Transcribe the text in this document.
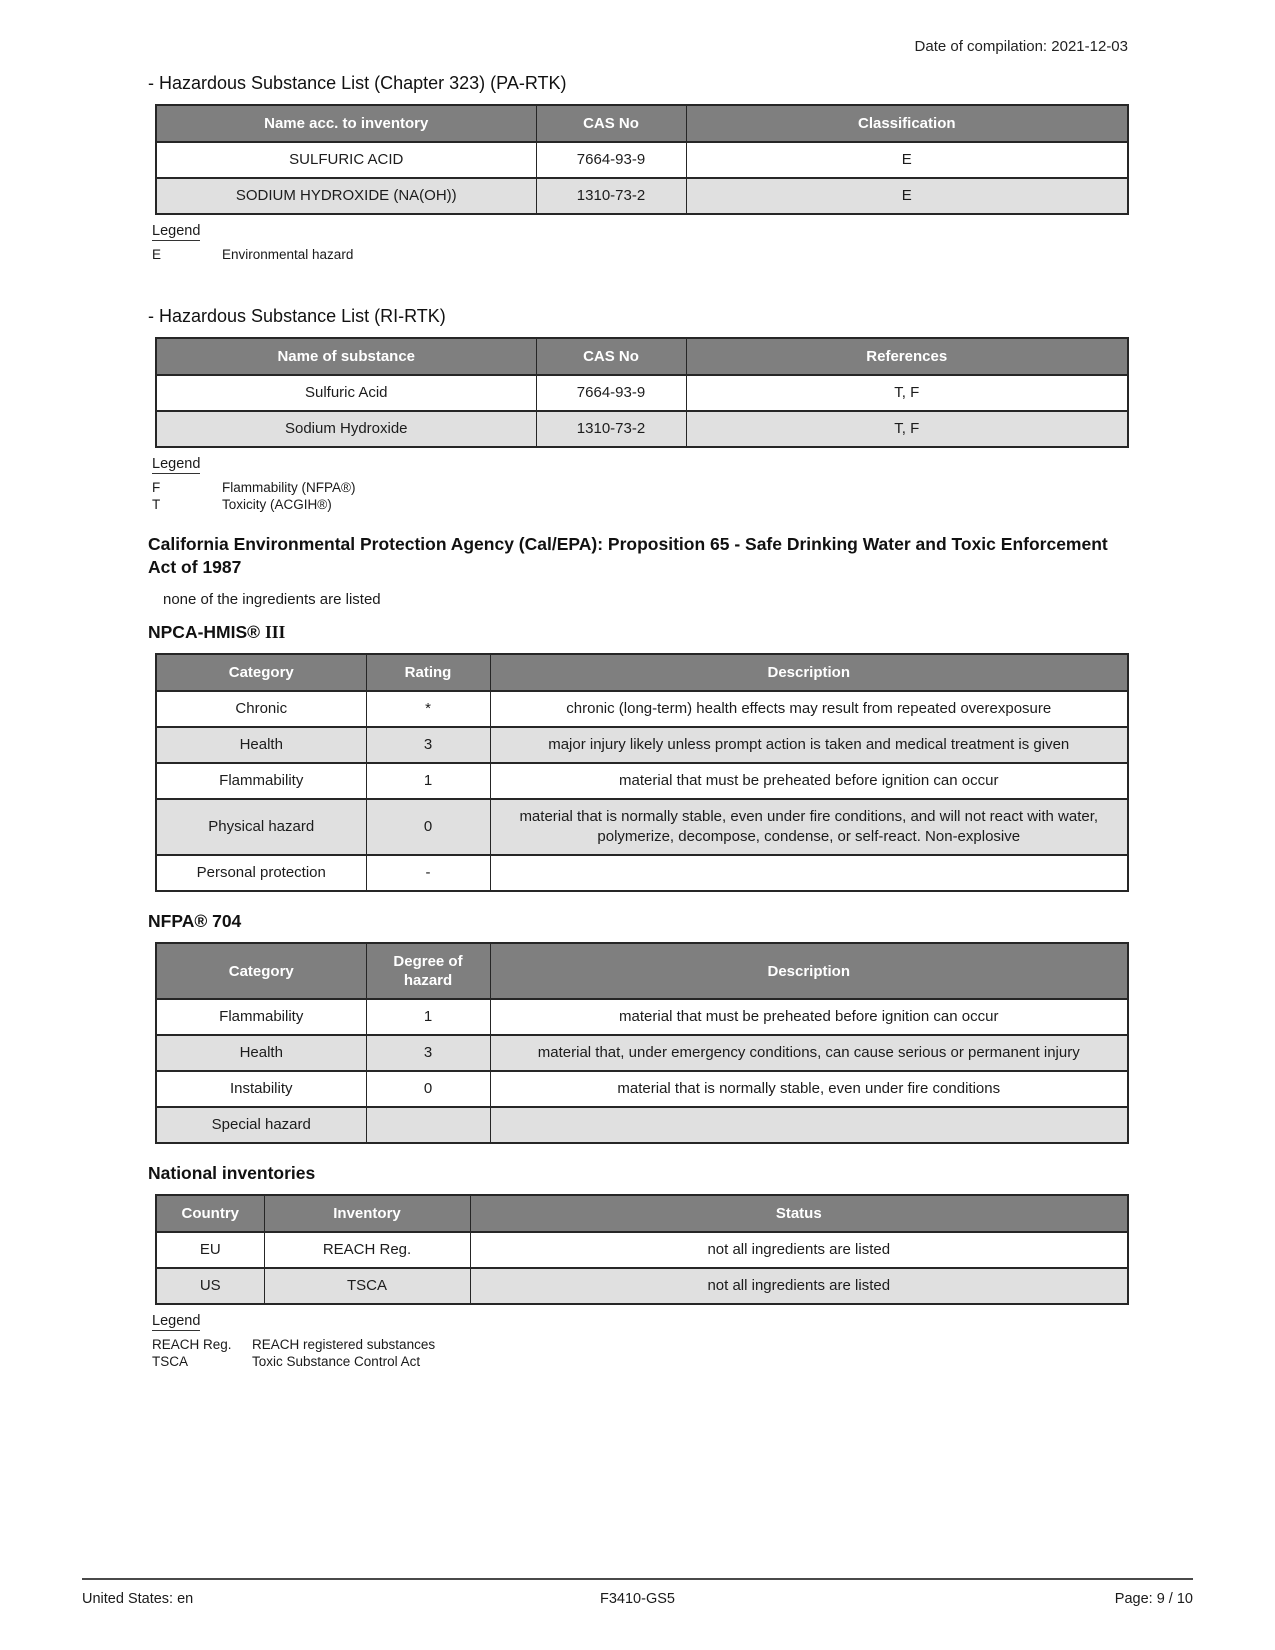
Date of compilation: 2021-12-03
- Hazardous Substance List (Chapter 323) (PA-RTK)
Name acc. to inventory	CAS No	Classification
SULFURIC ACID	7664-93-9	E
SODIUM HYDROXIDE (NA(OH))	1310-73-2	E
Legend
E	Environmental hazard
- Hazardous Substance List (RI-RTK)
Name of substance	CAS No	References
Sulfuric Acid	7664-93-9	T, F
Sodium Hydroxide	1310-73-2	T, F
Legend
F	Flammability (NFPA®)
T	Toxicity (ACGIH®)
California Environmental Protection Agency (Cal/EPA): Proposition 65 - Safe Drinking Water and Toxic Enforcement Act of 1987
none of the ingredients are listed
NPCA-HMIS® III
Category	Rating	Description
Chronic	*	chronic (long-term) health effects may result from repeated overexposure
Health	3	major injury likely unless prompt action is taken and medical treatment is given
Flammability	1	material that must be preheated before ignition can occur
Physical hazard	0	material that is normally stable, even under fire conditions, and will not react with water, polymerize, decompose, condense, or self-react. Non-explosive
Personal protection	-	
NFPA® 704
Category	Degree of hazard	Description
Flammability	1	material that must be preheated before ignition can occur
Health	3	material that, under emergency conditions, can cause serious or permanent injury
Instability	0	material that is normally stable, even under fire conditions
Special hazard		
National inventories
Country	Inventory	Status
EU	REACH Reg.	not all ingredients are listed
US	TSCA	not all ingredients are listed
Legend
REACH Reg.	REACH registered substances
TSCA	Toxic Substance Control Act
United States: en	F3410-GS5	Page: 9 / 10
